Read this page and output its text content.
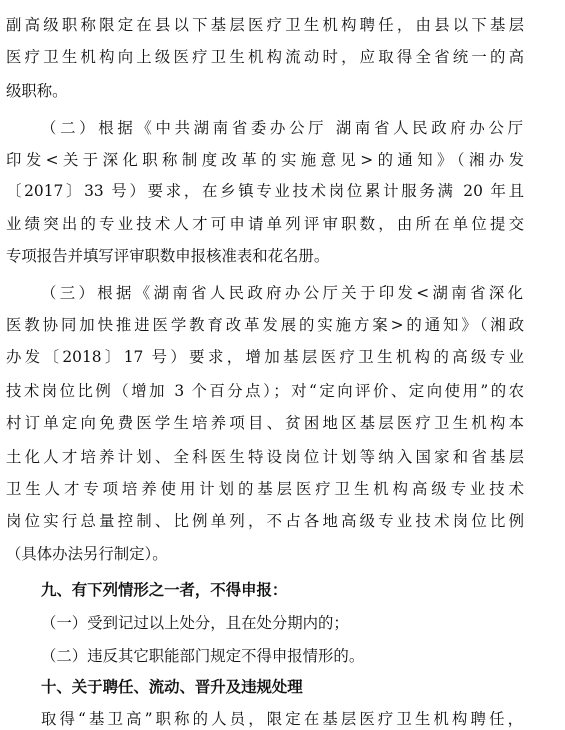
副高级职称限定在县以下基层医疗卫生机构聘任，由县以下基层
医疗卫生机构向上级医疗卫生机构流动时，应取得全省统一的高
级职称。
（二）根据《中共湖南省委办公厅 湖南省人民政府办公厅
印发<关于深化职称制度改革的实施意见>的通知》（湘办发
〔2017〕33 号）要求，在乡镇专业技术岗位累计服务满 20 年且
业绩突出的专业技术人才可申请单列评审职数，由所在单位提交
专项报告并填写评审职数申报核准表和花名册。
（三）根据《湖南省人民政府办公厅关于印发<湖南省深化
医教协同加快推进医学教育改革发展的实施方案>的通知》（湘政
办发〔2018〕17 号）要求，增加基层医疗卫生机构的高级专业
技术岗位比例（增加 3 个百分点）；对“定向评价、定向使用”的农
村订单定向免费医学生培养项目、贫困地区基层医疗卫生机构本
土化人才培养计划、全科医生特设岗位计划等纳入国家和省基层
卫生人才专项培养使用计划的基层医疗卫生机构高级专业技术
岗位实行总量控制、比例单列，不占各地高级专业技术岗位比例
（具体办法另行制定）。
九、有下列情形之一者，不得申报：
（一）受到记过以上处分，且在处分期内的；
（二）违反其它职能部门规定不得申报情形的。
十、关于聘任、流动、晋升及违规处理
取得“基卫高”职称的人员，限定在基层医疗卫生机构聘任，
